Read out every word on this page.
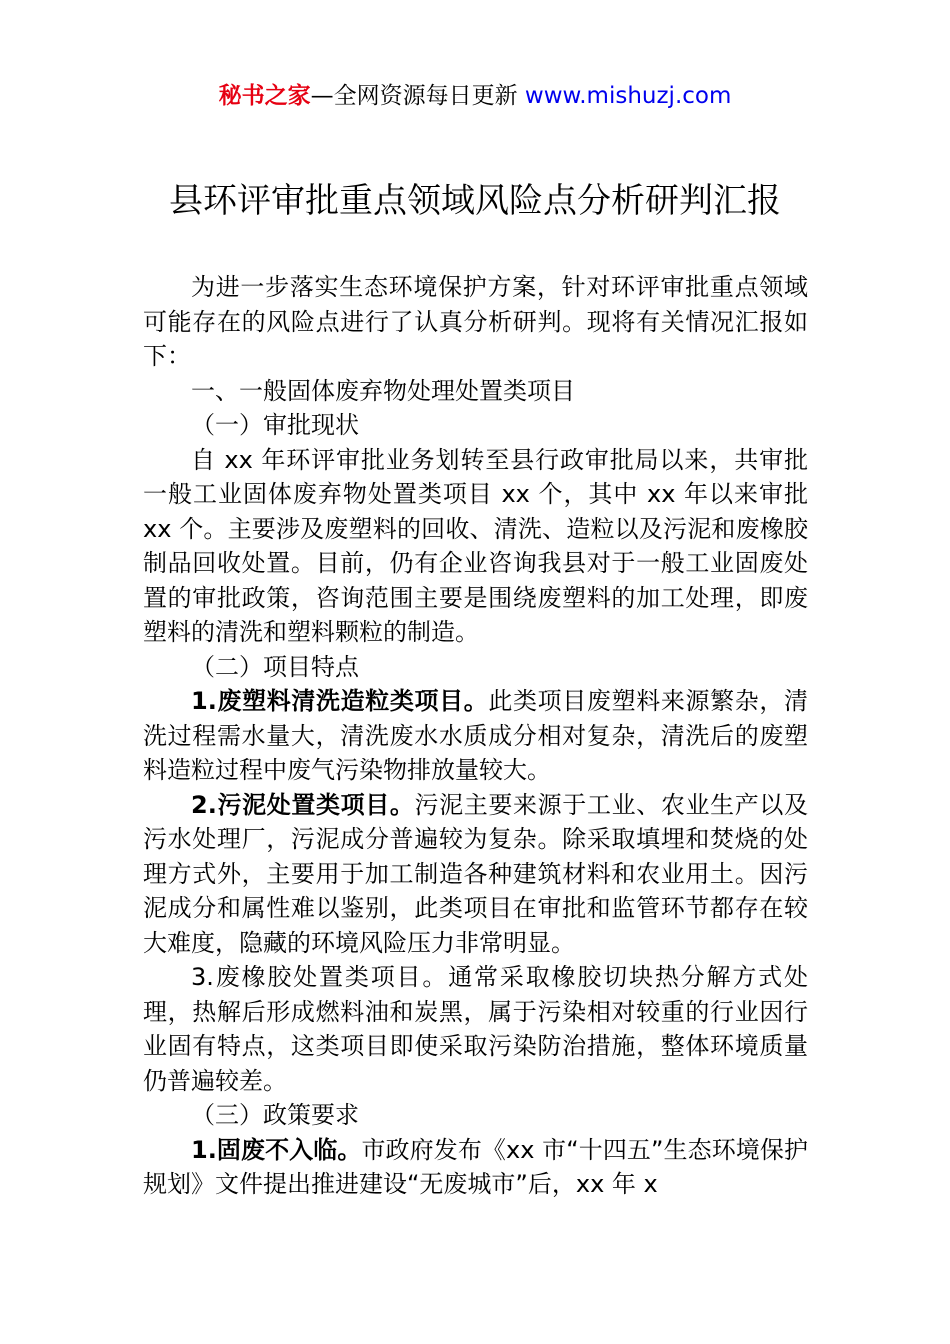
秘书之家—全网资源每日更新 www.mishuzj.com
县环评审批重点领域风险点分析研判汇报

为进一步落实生态环境保护方案，针对环评审批重点领域可能存在的风险点进行了认真分析研判。现将有关情况汇报如下：

一、一般固体废弃物处理处置类项目

（一）审批现状

自 xx 年环评审批业务划转至县行政审批局以来，共审批一般工业固体废弃物处置类项目 xx 个，其中 xx 年以来审批 xx 个。主要涉及废塑料的回收、清洗、造粒以及污泥和废橡胶制品回收处置。目前，仍有企业咨询我县对于一般工业固废处置的审批政策，咨询范围主要是围绕废塑料的加工处理，即废塑料的清洗和塑料颗粒的制造。

（二）项目特点

1.废塑料清洗造粒类项目。此类项目废塑料来源繁杂，清洗过程需水量大，清洗废水水质成分相对复杂，清洗后的废塑料造粒过程中废气污染物排放量较大。

2.污泥处置类项目。污泥主要来源于工业、农业生产以及污水处理厂，污泥成分普遍较为复杂。除采取填埋和焚烧的处理方式外，主要用于加工制造各种建筑材料和农业用土。因污泥成分和属性难以鉴别，此类项目在审批和监管环节都存在较大难度，隐藏的环境风险压力非常明显。

3.废橡胶处置类项目。通常采取橡胶切块热分解方式处理，热解后形成燃料油和炭黑，属于污染相对较重的行业因行业固有特点，这类项目即使采取污染防治措施，整体环境质量仍普遍较差。

（三）政策要求

1.固废不入临。市政府发布《xx 市“十四五”生态环境保护规划》文件提出推进建设“无废城市”后，xx 年 x
